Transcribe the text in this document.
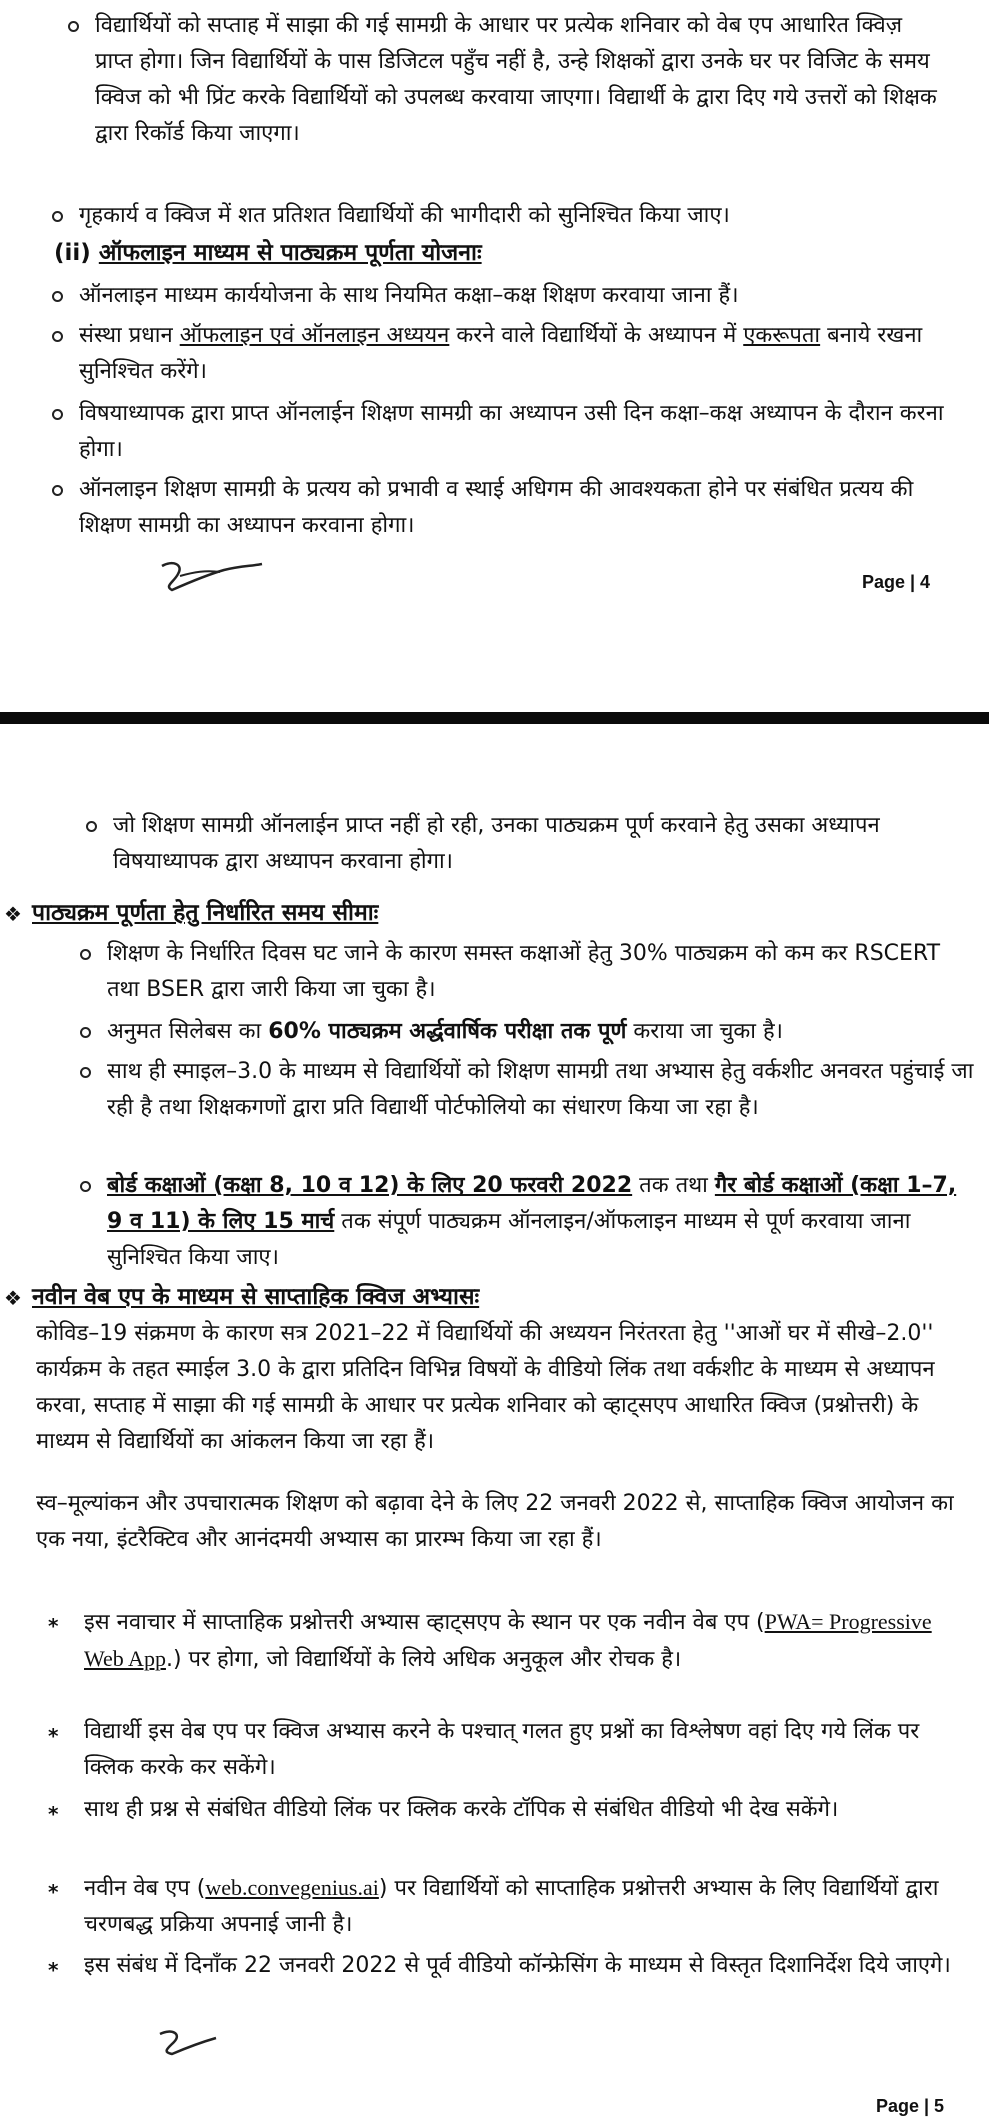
विद्यार्थियों को सप्ताह में साझा की गई सामग्री के आधार पर प्रत्येक शनिवार को वेब एप आधारित क्विज़ प्राप्त होगा। जिन विद्यार्थियों के पास डिजिटल पहुँच नहीं है, उन्हे शिक्षकों द्वारा उनके घर पर विजिट के समय क्विज को भी प्रिंट करके विद्यार्थियों को उपलब्ध करवाया जाएगा। विद्यार्थी के द्वारा दिए गये उत्तरों को शिक्षक द्वारा रिकॉर्ड किया जाएगा।
गृहकार्य व क्विज में शत प्रतिशत विद्यार्थियों की भागीदारी को सुनिश्चित किया जाए।
(ii) ऑफलाइन माध्यम से पाठ्यक्रम पूर्णता योजनाः
ऑनलाइन माध्यम कार्ययोजना के साथ नियमित कक्षा–कक्ष शिक्षण करवाया जाना हैं।
संस्था प्रधान ऑफलाइन एवं ऑनलाइन अध्ययन करने वाले विद्यार्थियों के अध्यापन में एकरूपता बनाये रखना सुनिश्चित करेंगे।
विषयाध्यापक द्वारा प्राप्त ऑनलाईन शिक्षण सामग्री का अध्यापन उसी दिन कक्षा–कक्ष अध्यापन के दौरान करना होगा।
ऑनलाइन शिक्षण सामग्री के प्रत्यय को प्रभावी व स्थाई अधिगम की आवश्यकता होने पर संबंधित प्रत्यय की शिक्षण सामग्री का अध्यापन करवाना होगा।
Page | 4
जो शिक्षण सामग्री ऑनलाईन प्राप्त नहीं हो रही, उनका पाठ्यक्रम पूर्ण करवाने हेतु उसका अध्यापन विषयाध्यापक द्वारा अध्यापन करवाना होगा।
❖ पाठ्यक्रम पूर्णता हेतु निर्धारित समय सीमाः
शिक्षण के निर्धारित दिवस घट जाने के कारण समस्त कक्षाओं हेतु 30% पाठ्यक्रम को कम कर RSCERT तथा BSER द्वारा जारी किया जा चुका है।
अनुमत सिलेबस का 60% पाठ्यक्रम अर्द्धवार्षिक परीक्षा तक पूर्ण कराया जा चुका है।
साथ ही स्माइल–3.0 के माध्यम से विद्यार्थियों को शिक्षण सामग्री तथा अभ्यास हेतु वर्कशीट अनवरत पहुंचाई जा रही है तथा शिक्षकगणों द्वारा प्रति विद्यार्थी पोर्टफोलियो का संधारण किया जा रहा है।
बोर्ड कक्षाओं (कक्षा 8, 10 व 12) के लिए 20 फरवरी 2022 तक तथा गैर बोर्ड कक्षाओं (कक्षा 1–7, 9 व 11) के लिए 15 मार्च तक संपूर्ण पाठ्यक्रम ऑनलाइन/ऑफलाइन माध्यम से पूर्ण करवाया जाना सुनिश्चित किया जाए।
❖ नवीन वेब एप के माध्यम से साप्ताहिक क्विज अभ्यासः
कोविड–19 संक्रमण के कारण सत्र 2021–22 में विद्यार्थियों की अध्ययन निरंतरता हेतु ''आओं घर में सीखे–2.0'' कार्यक्रम के तहत स्माईल 3.0 के द्वारा प्रतिदिन विभिन्न विषयों के वीडियो लिंक तथा वर्कशीट के माध्यम से अध्यापन करवा, सप्ताह में साझा की गई सामग्री के आधार पर प्रत्येक शनिवार को व्हाट्सएप आधारित क्विज (प्रश्नोत्तरी) के माध्यम से विद्यार्थियों का आंकलन किया जा रहा हैं।
स्व–मूल्यांकन और उपचारात्मक शिक्षण को बढ़ावा देने के लिए 22 जनवरी 2022 से, साप्ताहिक क्विज आयोजन का एक नया, इंटरैक्टिव और आनंदमयी अभ्यास का प्रारम्भ किया जा रहा हैं।
*	इस नवाचार में साप्ताहिक प्रश्नोत्तरी अभ्यास व्हाट्सएप के स्थान पर एक नवीन वेब एप (PWA= Progressive Web App.) पर होगा, जो विद्यार्थियों के लिये अधिक अनुकूल और रोचक है।
*	विद्यार्थी इस वेब एप पर क्विज अभ्यास करने के पश्चात् गलत हुए प्रश्नों का विश्लेषण वहां दिए गये लिंक पर क्लिक करके कर सकेंगे।
*	साथ ही प्रश्न से संबंधित वीडियो लिंक पर क्लिक करके टॉपिक से संबंधित वीडियो भी देख सकेंगे।
*	नवीन वेब एप (web.convegenius.ai) पर विद्यार्थियों को साप्ताहिक प्रश्नोत्तरी अभ्यास के लिए विद्यार्थियों द्वारा चरणबद्ध प्रक्रिया अपनाई जानी है।
*	इस संबंध में दिनाँक 22 जनवरी 2022 से पूर्व वीडियो कॉन्फ्रेसिंग के माध्यम से विस्तृत दिशानिर्देश दिये जाएगे।
Page | 5
